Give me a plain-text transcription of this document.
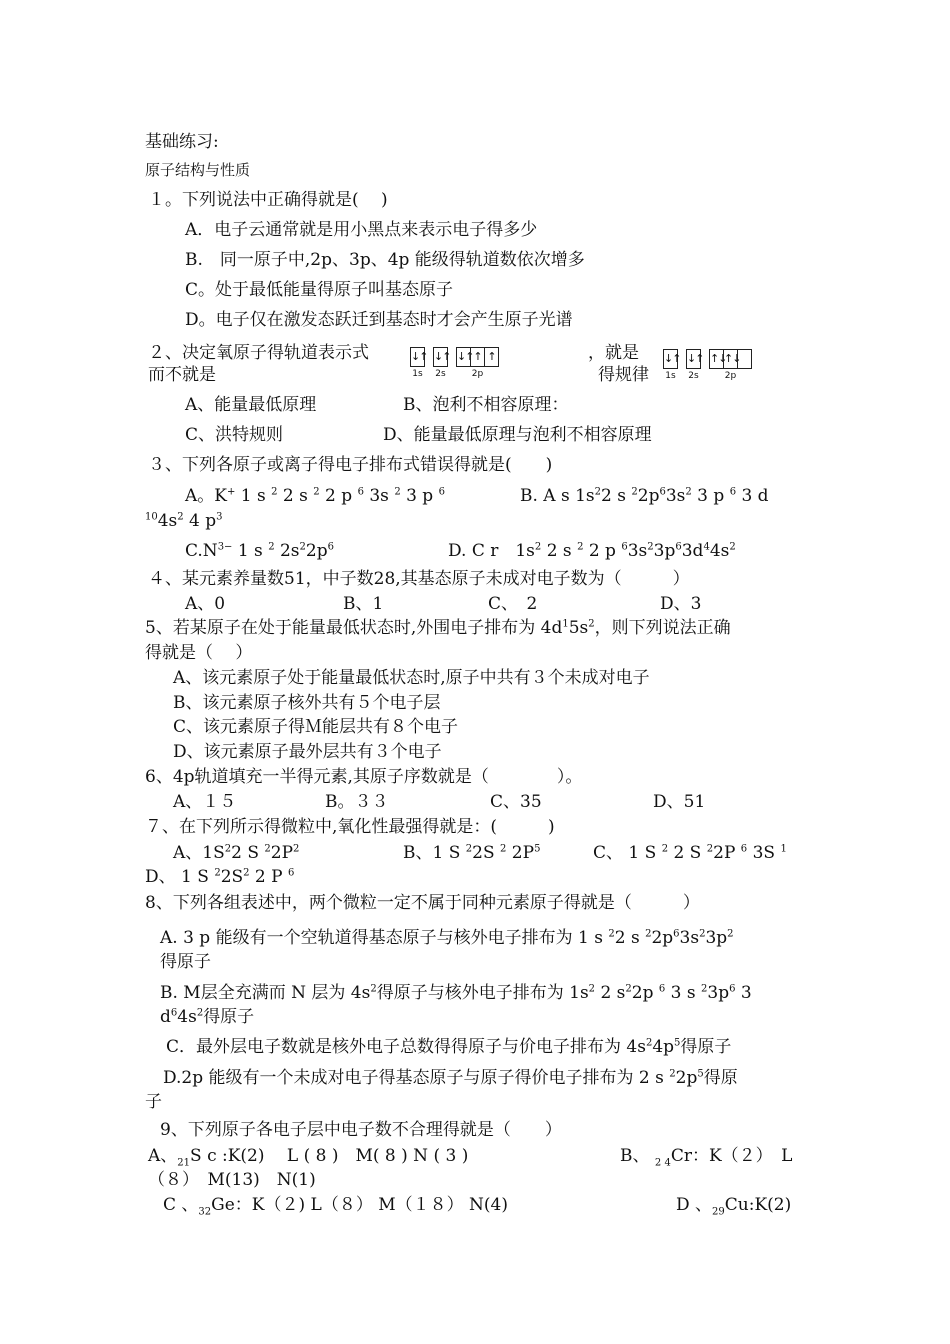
基础练习:
原子结构与性质
１。下列说法中正确得就是(　 )
A．电子云通常就是用小黑点来表示电子得多少
B.　同一原子中,2p、3p、4p 能级得轨道数依次增多
C。处于最低能量得原子叫基态原子
D。电子仅在激发态跃迁到基态时才会产生原子光谱
２、决定氧原子得轨道表示式
而不就是
↓↑
1s
↓↑
2s
↓↑ ↑ ↑
2p
，就是
得规律
↓↑
1s
↓↑
2s
↑↓
↑↓
2p
A、能量最低原理	B、泡利不相容原理：
C、洪特规则	D、能量最低原理与泡利不相容原理
３、下列各原子或离子得电子排布式错误得就是(　　)
A。K+ 1 s $^2$ 2 s $^2$ 2 p $^6$ 3s $^2$ 3 p $^6$	B. A s $1s^22$ s $^22p^63s^2$ 3 p $^6$ 3 d
$^{10}4s^2$ 4 $p^3$
$C.N^{3-}$ 1 s $^2$ $2s^22p^6$	D. C r　$1s^2$ 2 s $^2$ 2 p $^63s^23p^63d^44s^2$
４、某元素养量数51，中子数28,其基态原子未成对电子数为（　　　）
A、0	B、1	C、　2	D、3
5、若某原子在处于能量最低状态时,外围电子排布为 $4d^15s^2$，则下列说法正确
得就是（　 ）
A、该元素原子处于能量最低状态时,原子中共有３个未成对电子
B、该元素原子核外共有５个电子层
C、该元素原子得Ｍ能层共有８个电子
D、该元素原子最外层共有３个电子
6、4p轨道填充一半得元素,其原子序数就是（　　　　）。
A、１５	B。３３	C、35	D、51
７、在下列所示得微粒中,氧化性最强得就是：(　　　)
A、$1S^22$ S $^22P^2$	B、1 S $^2$2S $^2$ $2P^5$	C、 1 S $^2$ 2 S $^2$2P $^6$ 3S $^1$
D、 1 S $^22S^2$ 2 P $^6$
8、下列各组表述中，两个微粒一定不属于同种元素原子得就是（　　　）
A. 3 p 能级有一个空轨道得基态原子与核外电子排布为 1 s $^2$2 s $^22p^63s^23p^2$
得原子
B. M层全充满而 N 层为 $4s^2$得原子与核外电子排布为 $1s^2$ 2 $s^22p$ $^6$ 3 s $^23p^6$ 3
$d^64s^2$得原子
C．最外层电子数就是核外电子总数得得原子与价电子排布为 $4s^24p^5$得原子
D.2p 能级有一个未成对电子得基态原子与原子得价电子排布为 2 s $^22p^5$得原
子
9、下列原子各电子层中电子数不合理得就是（　　）
A、$_{21}$S c :K(2)　 L ( 8 )　M( 8 ) N ( 3 )	B、 $_{2 4}$Cr：K（２）　L
（８）　M(13)　N(1)
C 、$_{32}$Ge：K（２) L（８） M（１８） N(4)	D 、$_{29}$Cu:K(2)
